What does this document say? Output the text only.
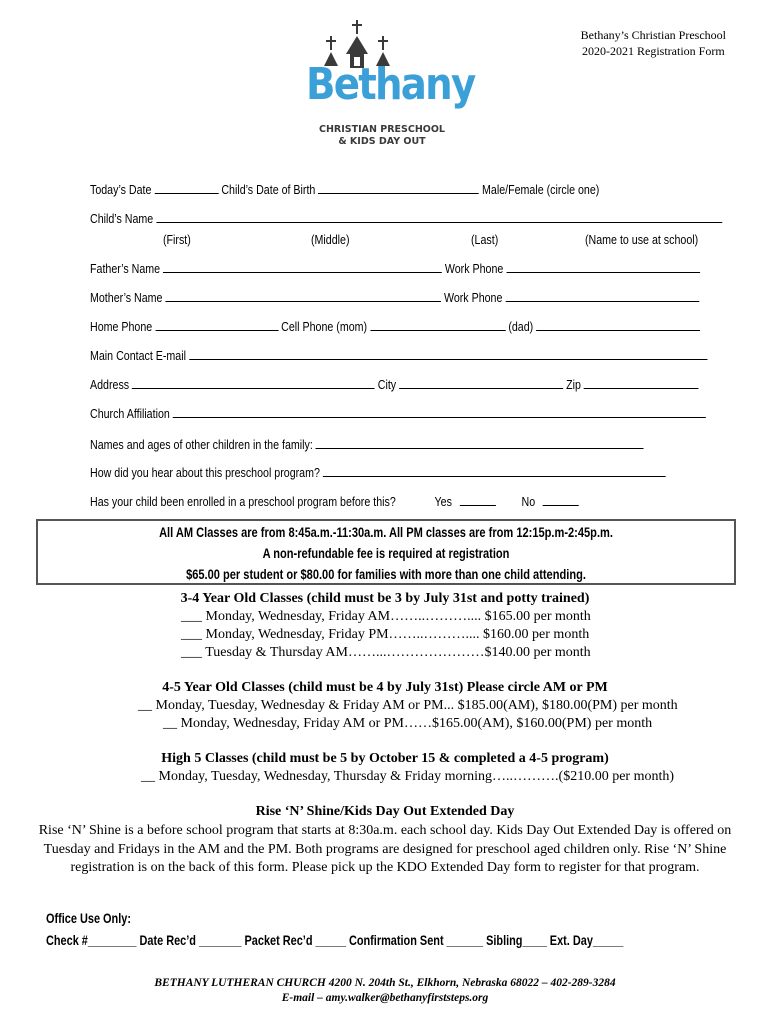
Bethany’s Christian Preschool
2020-2021 Registration Form
Bethany
CHRISTIAN PRESCHOOL
& KIDS DAY OUT
Today’s Date	Child’s Date of Birth	Male/Female (circle one)
Child’s Name
(First)	(Middle)	(Last)	(Name to use at school)
Father’s Name	Work Phone
Mother’s Name	Work Phone
Home Phone	Cell Phone (mom)	(dad)
Main Contact E-mail
Address	City	Zip
Church Affiliation
Names and ages of other children in the family:
How did you hear about this preschool program?
Has your child been enrolled in a preschool program before this?	Yes	No
All AM Classes are from 8:45a.m.-11:30a.m. All PM classes are from 12:15p.m-2:45p.m.
A non-refundable fee is required at registration
$65.00 per student or $80.00 for families with more than one child attending.
3-4 Year Old Classes (child must be 3 by July 31st and potty trained)
___ Monday, Wednesday, Friday AM……..……….... $165.00 per month
___ Monday, Wednesday, Friday PM……..……….... $160.00 per month
___ Tuesday & Thursday AM……...…………………$140.00 per month
4-5 Year Old Classes (child must be 4 by July 31st) Please circle AM or PM
__ Monday, Tuesday, Wednesday & Friday AM or PM... $185.00(AM), $180.00(PM) per month
__ Monday, Wednesday, Friday AM or PM……$165.00(AM), $160.00(PM) per month
High 5 Classes (child must be 5 by October 15 & completed a 4-5 program)
__ Monday, Tuesday, Wednesday, Thursday & Friday morning…..……….($210.00 per month)
Rise ‘N’ Shine/Kids Day Out Extended Day
Rise ‘N’ Shine is a before school program that starts at 8:30a.m. each school day. Kids Day Out Extended Day is offered on Tuesday and Fridays in the AM and the PM. Both programs are designed for preschool aged children only. Rise ‘N’ Shine registration is on the back of this form. Please pick up the KDO Extended Day form to register for that program.
Office Use Only:
Check #________ Date Rec’d _______ Packet Rec’d _____ Confirmation Sent ______ Sibling____ Ext. Day_____
BETHANY LUTHERAN CHURCH 4200 N. 204th St., Elkhorn, Nebraska 68022 – 402-289-3284
E-mail – amy.walker@bethanyfirststeps.org
